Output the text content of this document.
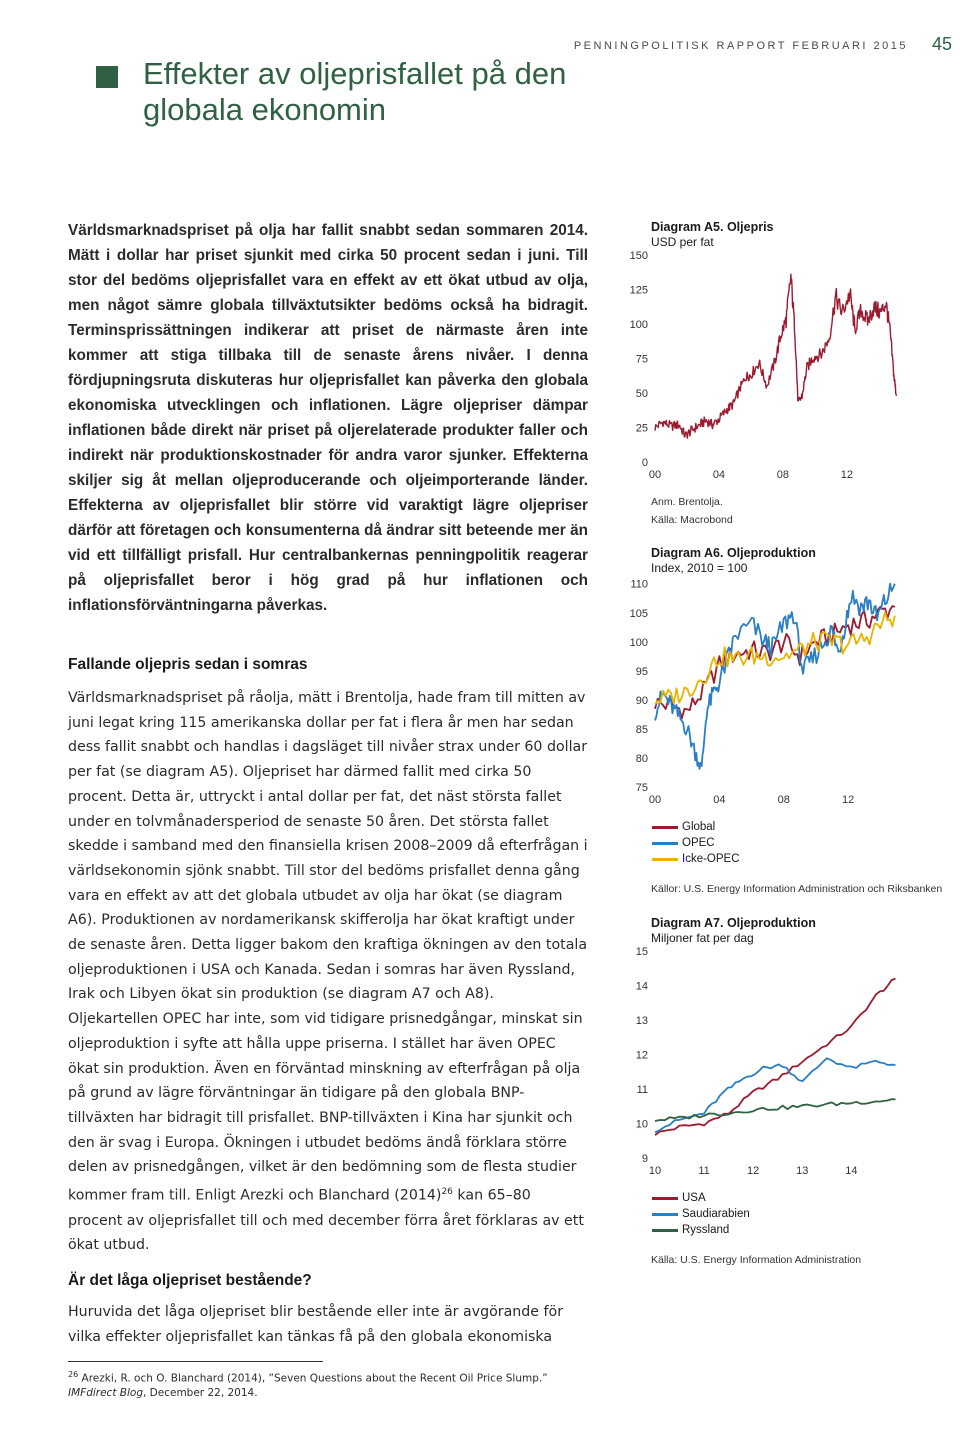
Effekter av oljeprisfallet på den
globala ekonomin
PENNINGPOLITISK RAPPORT FEBRUARI 2015 45

Världsmarknadspriset på olja har fallit snabbt sedan sommaren 2014. Mätt i dollar har priset sjunkit med cirka 50 procent sedan i juni. Till stor del bedöms oljeprisfallet vara en effekt av ett ökat utbud av olja, men något sämre globala tillväxtutsikter bedöms också ha bidragit. Terminsprissättningen indikerar att priset de närmaste åren inte kommer att stiga tillbaka till de senaste årens nivåer. I denna fördjupningsruta diskuteras hur oljeprisfallet kan påverka den globala ekonomiska utvecklingen och inflationen. Lägre oljepriser dämpar inflationen både direkt när priset på oljerelaterade produkter faller och indirekt när produktionskostnader för andra varor sjunker. Effekterna skiljer sig åt mellan oljeproducerande och oljeimporterande länder. Effekterna av oljeprisfallet blir större vid varaktigt lägre oljepriser därför att företagen och konsumenterna då ändrar sitt beteende mer än vid ett tillfälligt prisfall. Hur centralbankernas penningpolitik reagerar på oljeprisfallet beror i hög grad på hur inflationen och inflationsförväntningarna påverkas.

Fallande oljepris sedan i somras

Världsmarknadspriset på råolja, mätt i Brentolja, hade fram till mitten av juni legat kring 115 amerikanska dollar per fat i flera år men har sedan dess fallit snabbt och handlas i dagsläget till nivåer strax under 60 dollar per fat (se diagram A5). Oljepriset har därmed fallit med cirka 50 procent. Detta är, uttryckt i antal dollar per fat, det näst största fallet under en tolvmånadersperiod de senaste 50 åren. Det största fallet skedde i samband med den finansiella krisen 2008–2009 då efterfrågan i världsekonomin sjönk snabbt. Till stor del bedöms prisfallet denna gång vara en effekt av att det globala utbudet av olja har ökat (se diagram A6). Produktionen av nordamerikansk skifferolja har ökat kraftigt under de senaste åren. Detta ligger bakom den kraftiga ökningen av den totala oljeproduktionen i USA och Kanada. Sedan i somras har även Ryssland, Irak och Libyen ökat sin produktion (se diagram A7 och A8). Oljekartellen OPEC har inte, som vid tidigare prisnedgångar, minskat sin oljeproduktion i syfte att hålla uppe priserna. I stället har även OPEC ökat sin produktion. Även en förväntad minskning av efterfrågan på olja på grund av lägre förväntningar än tidigare på den globala BNP-tillväxten har bidragit till prisfallet. BNP-tillväxten i Kina har sjunkit och den är svag i Europa. Ökningen i utbudet bedöms ändå förklara större delen av prisnedgången, vilket är den bedömning som de flesta studier kommer fram till. Enligt Arezki och Blanchard $(2014)^{26}$ kan 65–80 procent av oljeprisfallet till och med december förra året förklaras av ett ökat utbud.

Är det låga oljepriset bestående?

Huruvida det låga oljepriset blir bestående eller inte är avgörande för vilka effekter oljeprisfallet kan tänkas få på den globala ekonomiska

$^{26}$ Arezki, R. och O. Blanchard (2014), ”Seven Questions about the Recent Oil Price Slump.” IMFdirect Blog, December 22, 2014.
Diagram A5. Oljepris
USD per fat
0
25
50
75
100
125
150
00	04	08	12
Anm. Brentolja.
Källa: Macrobond
Diagram A6. Oljeproduktion
Index, 2010 = 100
75
80
85
90
95
100
105
110
00	04	08	12
Global
OPEC
Icke-OPEC
Källor: U.S. Energy Information Administration och Riksbanken
Diagram A7. Oljeproduktion
Miljoner fat per dag
9
10
11
12
13
14
15
10	11	12	13	14
USA
Saudiarabien
Ryssland
Källa: U.S. Energy Information Administration
